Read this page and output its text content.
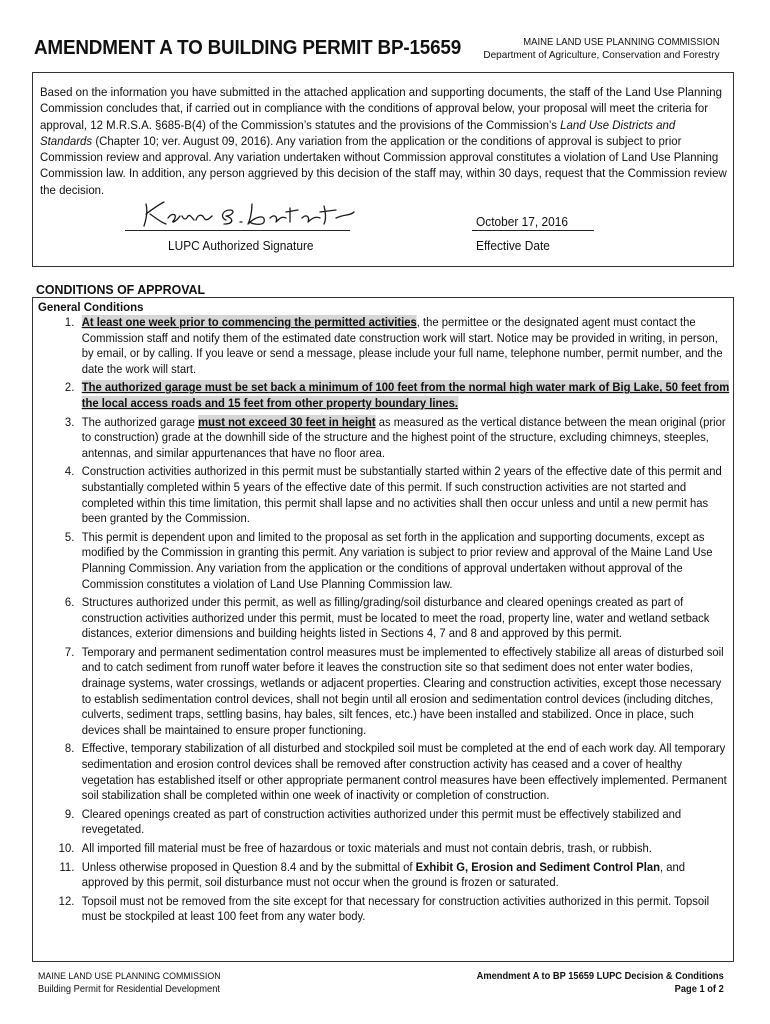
AMENDMENT A TO BUILDING PERMIT BP-15659	MAINE LAND USE PLANNING COMMISSION
Department of Agriculture, Conservation and Forestry
Based on the information you have submitted in the attached application and supporting documents, the staff of the Land Use Planning Commission concludes that, if carried out in compliance with the conditions of approval below, your proposal will meet the criteria for approval, 12 M.R.S.A. §685-B(4) of the Commission’s statutes and the provisions of the Commission’s Land Use Districts and Standards (Chapter 10; ver. August 09, 2016). Any variation from the application or the conditions of approval is subject to prior Commission review and approval. Any variation undertaken without Commission approval constitutes a violation of Land Use Planning Commission law. In addition, any person aggrieved by this decision of the staff may, within 30 days, request that the Commission review the decision.
LUPC Authorized Signature
October 17, 2016
Effective Date
CONDITIONS OF APPROVAL
General Conditions
1. At least one week prior to commencing the permitted activities, the permittee or the designated agent must contact the Commission staff and notify them of the estimated date construction work will start. Notice may be provided in writing, in person, by email, or by calling. If you leave or send a message, please include your full name, telephone number, permit number, and the date the work will start.
2. The authorized garage must be set back a minimum of 100 feet from the normal high water mark of Big Lake, 50 feet from the local access roads and 15 feet from other property boundary lines.
3. The authorized garage must not exceed 30 feet in height as measured as the vertical distance between the mean original (prior to construction) grade at the downhill side of the structure and the highest point of the structure, excluding chimneys, steeples, antennas, and similar appurtenances that have no floor area.
4. Construction activities authorized in this permit must be substantially started within 2 years of the effective date of this permit and substantially completed within 5 years of the effective date of this permit. If such construction activities are not started and completed within this time limitation, this permit shall lapse and no activities shall then occur unless and until a new permit has been granted by the Commission.
5. This permit is dependent upon and limited to the proposal as set forth in the application and supporting documents, except as modified by the Commission in granting this permit. Any variation is subject to prior review and approval of the Maine Land Use Planning Commission. Any variation from the application or the conditions of approval undertaken without approval of the Commission constitutes a violation of Land Use Planning Commission law.
6. Structures authorized under this permit, as well as filling/grading/soil disturbance and cleared openings created as part of construction activities authorized under this permit, must be located to meet the road, property line, water and wetland setback distances, exterior dimensions and building heights listed in Sections 4, 7 and 8 and approved by this permit.
7. Temporary and permanent sedimentation control measures must be implemented to effectively stabilize all areas of disturbed soil and to catch sediment from runoff water before it leaves the construction site so that sediment does not enter water bodies, drainage systems, water crossings, wetlands or adjacent properties. Clearing and construction activities, except those necessary to establish sedimentation control devices, shall not begin until all erosion and sedimentation control devices (including ditches, culverts, sediment traps, settling basins, hay bales, silt fences, etc.) have been installed and stabilized. Once in place, such devices shall be maintained to ensure proper functioning.
8. Effective, temporary stabilization of all disturbed and stockpiled soil must be completed at the end of each work day. All temporary sedimentation and erosion control devices shall be removed after construction activity has ceased and a cover of healthy vegetation has established itself or other appropriate permanent control measures have been effectively implemented. Permanent soil stabilization shall be completed within one week of inactivity or completion of construction.
9. Cleared openings created as part of construction activities authorized under this permit must be effectively stabilized and revegetated.
10. All imported fill material must be free of hazardous or toxic materials and must not contain debris, trash, or rubbish.
11. Unless otherwise proposed in Question 8.4 and by the submittal of Exhibit G, Erosion and Sediment Control Plan, and approved by this permit, soil disturbance must not occur when the ground is frozen or saturated.
12. Topsoil must not be removed from the site except for that necessary for construction activities authorized in this permit. Topsoil must be stockpiled at least 100 feet from any water body.
MAINE LAND USE PLANNING COMMISSION
Building Permit for Residential Development
Amendment A to BP 15659 LUPC Decision & Conditions
Page 1 of 2
